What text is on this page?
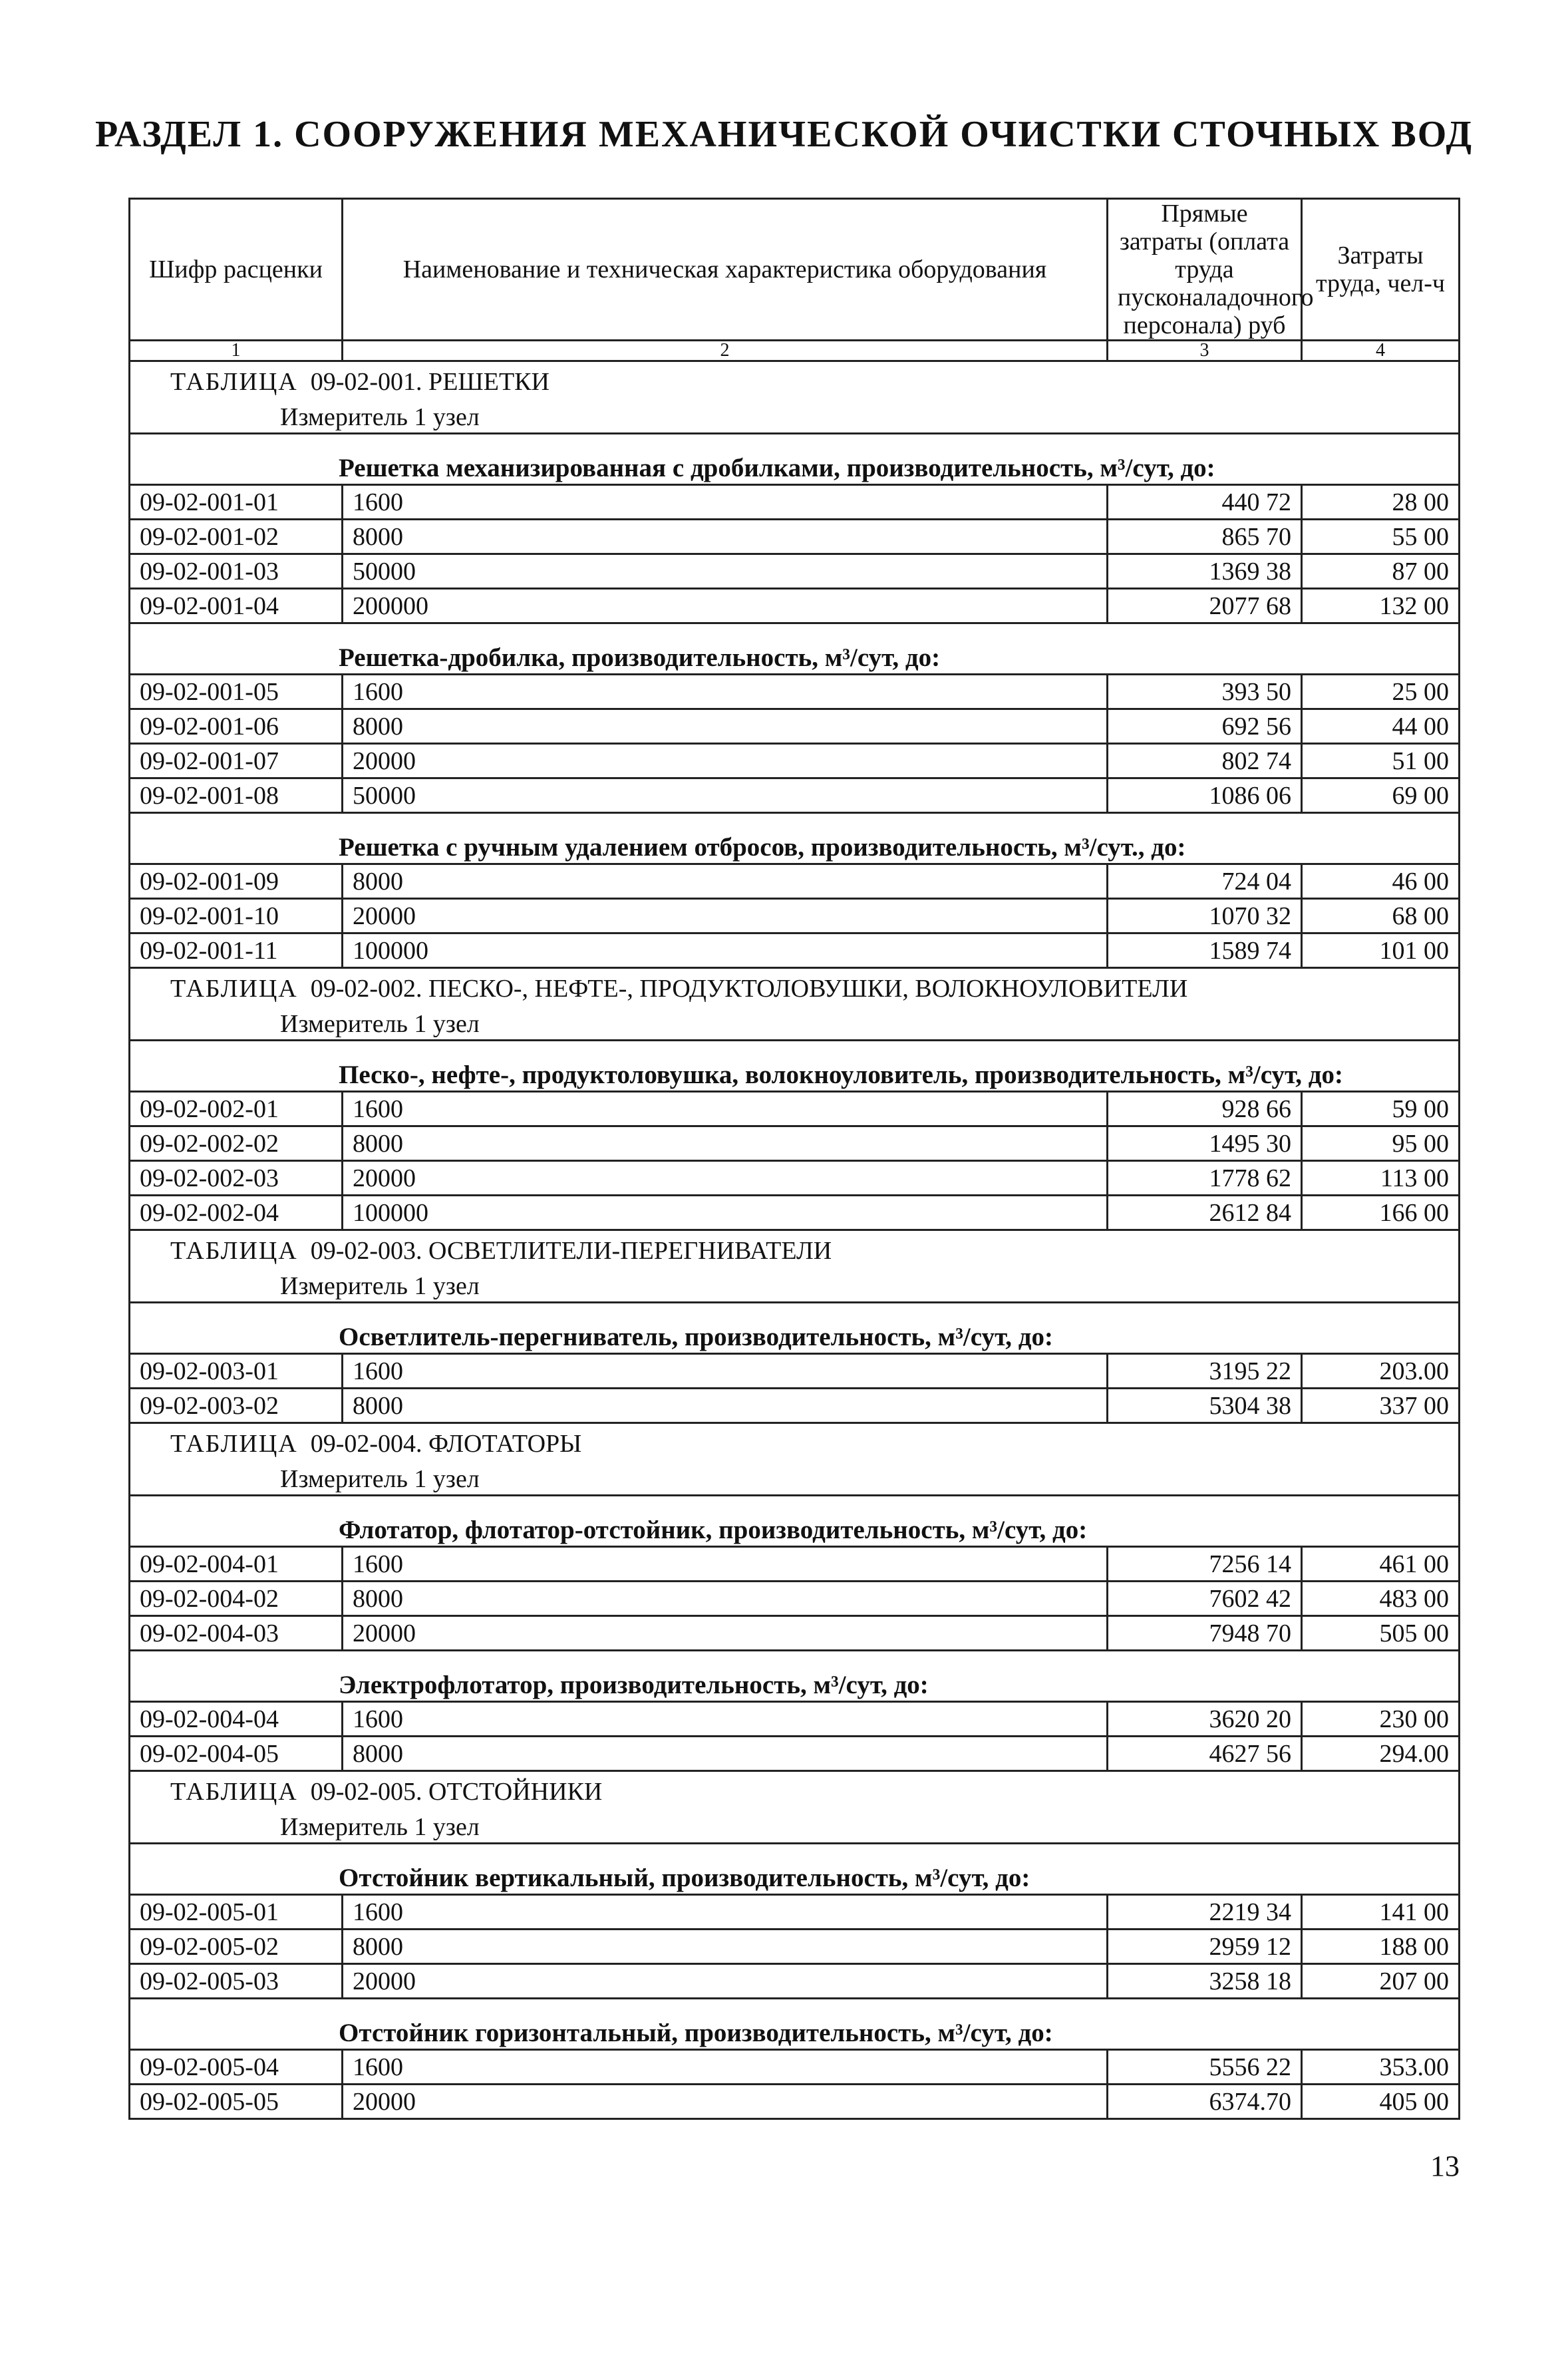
РАЗДЕЛ 1. СООРУЖЕНИЯ МЕХАНИЧЕСКОЙ ОЧИСТКИ СТОЧНЫХ ВОД
Шифр расценки	Наименование и техническая характеристика оборудования	Прямые затраты (оплата труда пусконаладочного персонала) руб	Затраты труда, чел-ч
1	2	3	4
ТАБЛИЦА 09-02-001. РЕШЕТКИ			
Измеритель 1 узел			
Решетка механизированная с дробилками, производительность, м³/сут, до:			
09-02-001-01	1600	440 72	28 00
09-02-001-02	8000	865 70	55 00
09-02-001-03	50000	1369 38	87 00
09-02-001-04	200000	2077 68	132 00
Решетка-дробилка, производительность, м³/сут, до:			
09-02-001-05	1600	393 50	25 00
09-02-001-06	8000	692 56	44 00
09-02-001-07	20000	802 74	51 00
09-02-001-08	50000	1086 06	69 00
Решетка с ручным удалением отбросов, производительность, м³/сут., до:			
09-02-001-09	8000	724 04	46 00
09-02-001-10	20000	1070 32	68 00
09-02-001-11	100000	1589 74	101 00
ТАБЛИЦА 09-02-002. ПЕСКО-, НЕФТЕ-, ПРОДУКТОЛОВУШКИ, ВОЛОКНОУЛОВИТЕЛИ			
Измеритель 1 узел			
Песко-, нефте-, продуктоловушка, волокноуловитель, производительность, м³/сут, до:			
09-02-002-01	1600	928 66	59 00
09-02-002-02	8000	1495 30	95 00
09-02-002-03	20000	1778 62	113 00
09-02-002-04	100000	2612 84	166 00
ТАБЛИЦА 09-02-003. ОСВЕТЛИТЕЛИ-ПЕРЕГНИВАТЕЛИ			
Измеритель 1 узел			
Осветлитель-перегниватель, производительность, м³/сут, до:			
09-02-003-01	1600	3195 22	203.00
09-02-003-02	8000	5304 38	337 00
ТАБЛИЦА 09-02-004. ФЛОТАТОРЫ			
Измеритель 1 узел			
Флотатор, флотатор-отстойник, производительность, м³/сут, до:			
09-02-004-01	1600	7256 14	461 00
09-02-004-02	8000	7602 42	483 00
09-02-004-03	20000	7948 70	505 00
Электрофлотатор, производительность, м³/сут, до:			
09-02-004-04	1600	3620 20	230 00
09-02-004-05	8000	4627 56	294.00
ТАБЛИЦА 09-02-005. ОТСТОЙНИКИ			
Измеритель 1 узел			
Отстойник вертикальный, производительность, м³/сут, до:			
09-02-005-01	1600	2219 34	141 00
09-02-005-02	8000	2959 12	188 00
09-02-005-03	20000	3258 18	207 00
Отстойник горизонтальный, производительность, м³/сут, до:			
09-02-005-04	1600	5556 22	353.00
09-02-005-05	20000	6374.70	405 00
13
